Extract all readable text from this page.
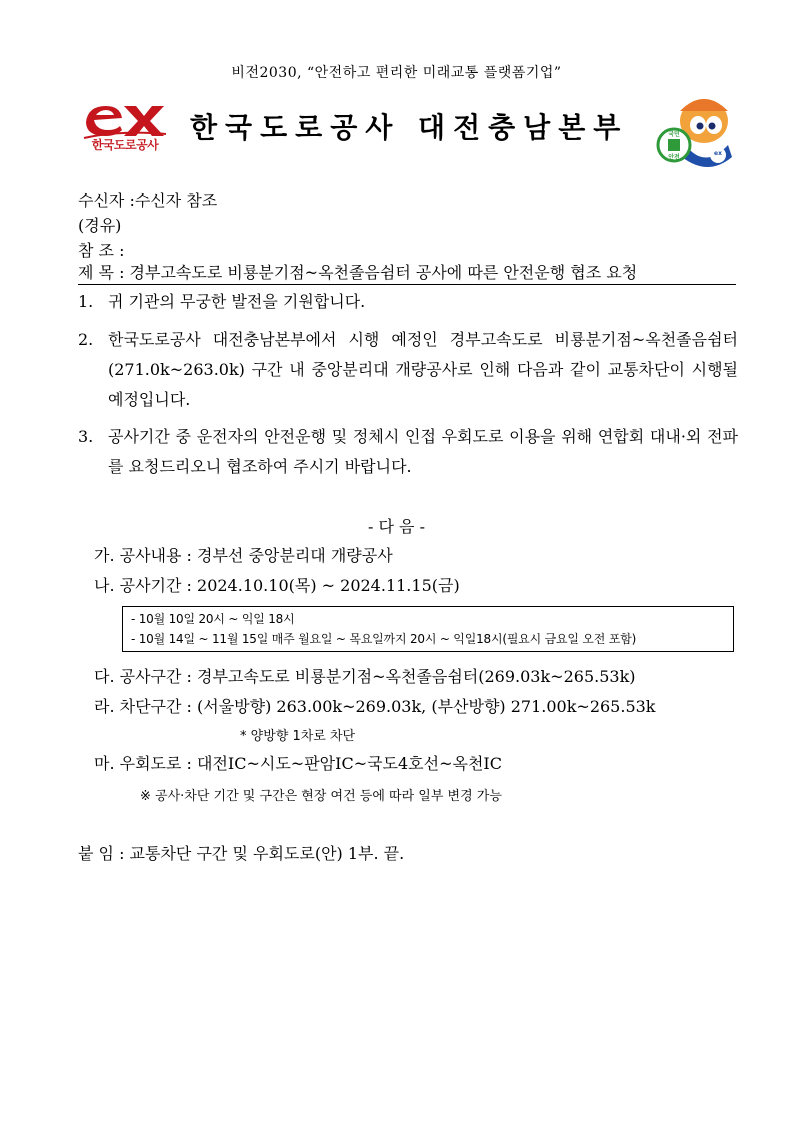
비전2030, “안전하고 편리한 미래교통 플랫폼기업”
한국도로공사
한국도로공사 대전충남본부	국민
안전
ex
수신자 :수신자 참조
(경유)
참 조 :
제 목 : 경부고속도로 비룡분기점~옥천졸음쉼터 공사에 따른 안전운행 협조 요청
1. 귀 기관의 무궁한 발전을 기원합니다.
2. 한국도로공사 대전충남본부에서 시행 예정인 경부고속도로 비룡분기점~옥천졸음쉼터(271.0k~263.0k) 구간 내 중앙분리대 개량공사로 인해 다음과 같이 교통차단이 시행될 예정입니다.
3. 공사기간 중 운전자의 안전운행 및 정체시 인접 우회도로 이용을 위해 연합회 대내·외 전파를 요청드리오니 협조하여 주시기 바랍니다.
- 다 음 -
가. 공사내용 : 경부선 중앙분리대 개량공사
나. 공사기간 : 2024.10.10(목) ~ 2024.11.15(금)
- 10월 10일 20시 ~ 익일 18시
- 10월 14일 ~ 11월 15일 매주 월요일 ~ 목요일까지 20시 ~ 익일18시(필요시 금요일 오전 포함)
다. 공사구간 : 경부고속도로 비룡분기점~옥천졸음쉼터(269.03k~265.53k)
라. 차단구간 : (서울방향) 263.00k~269.03k, (부산방향) 271.00k~265.53k
* 양방향 1차로 차단
마. 우회도로 : 대전IC~시도~판암IC~국도4호선~옥천IC
※ 공사·차단 기간 및 구간은 현장 여건 등에 따라 일부 변경 가능
붙 임 : 교통차단 구간 및 우회도로(안) 1부. 끝.
